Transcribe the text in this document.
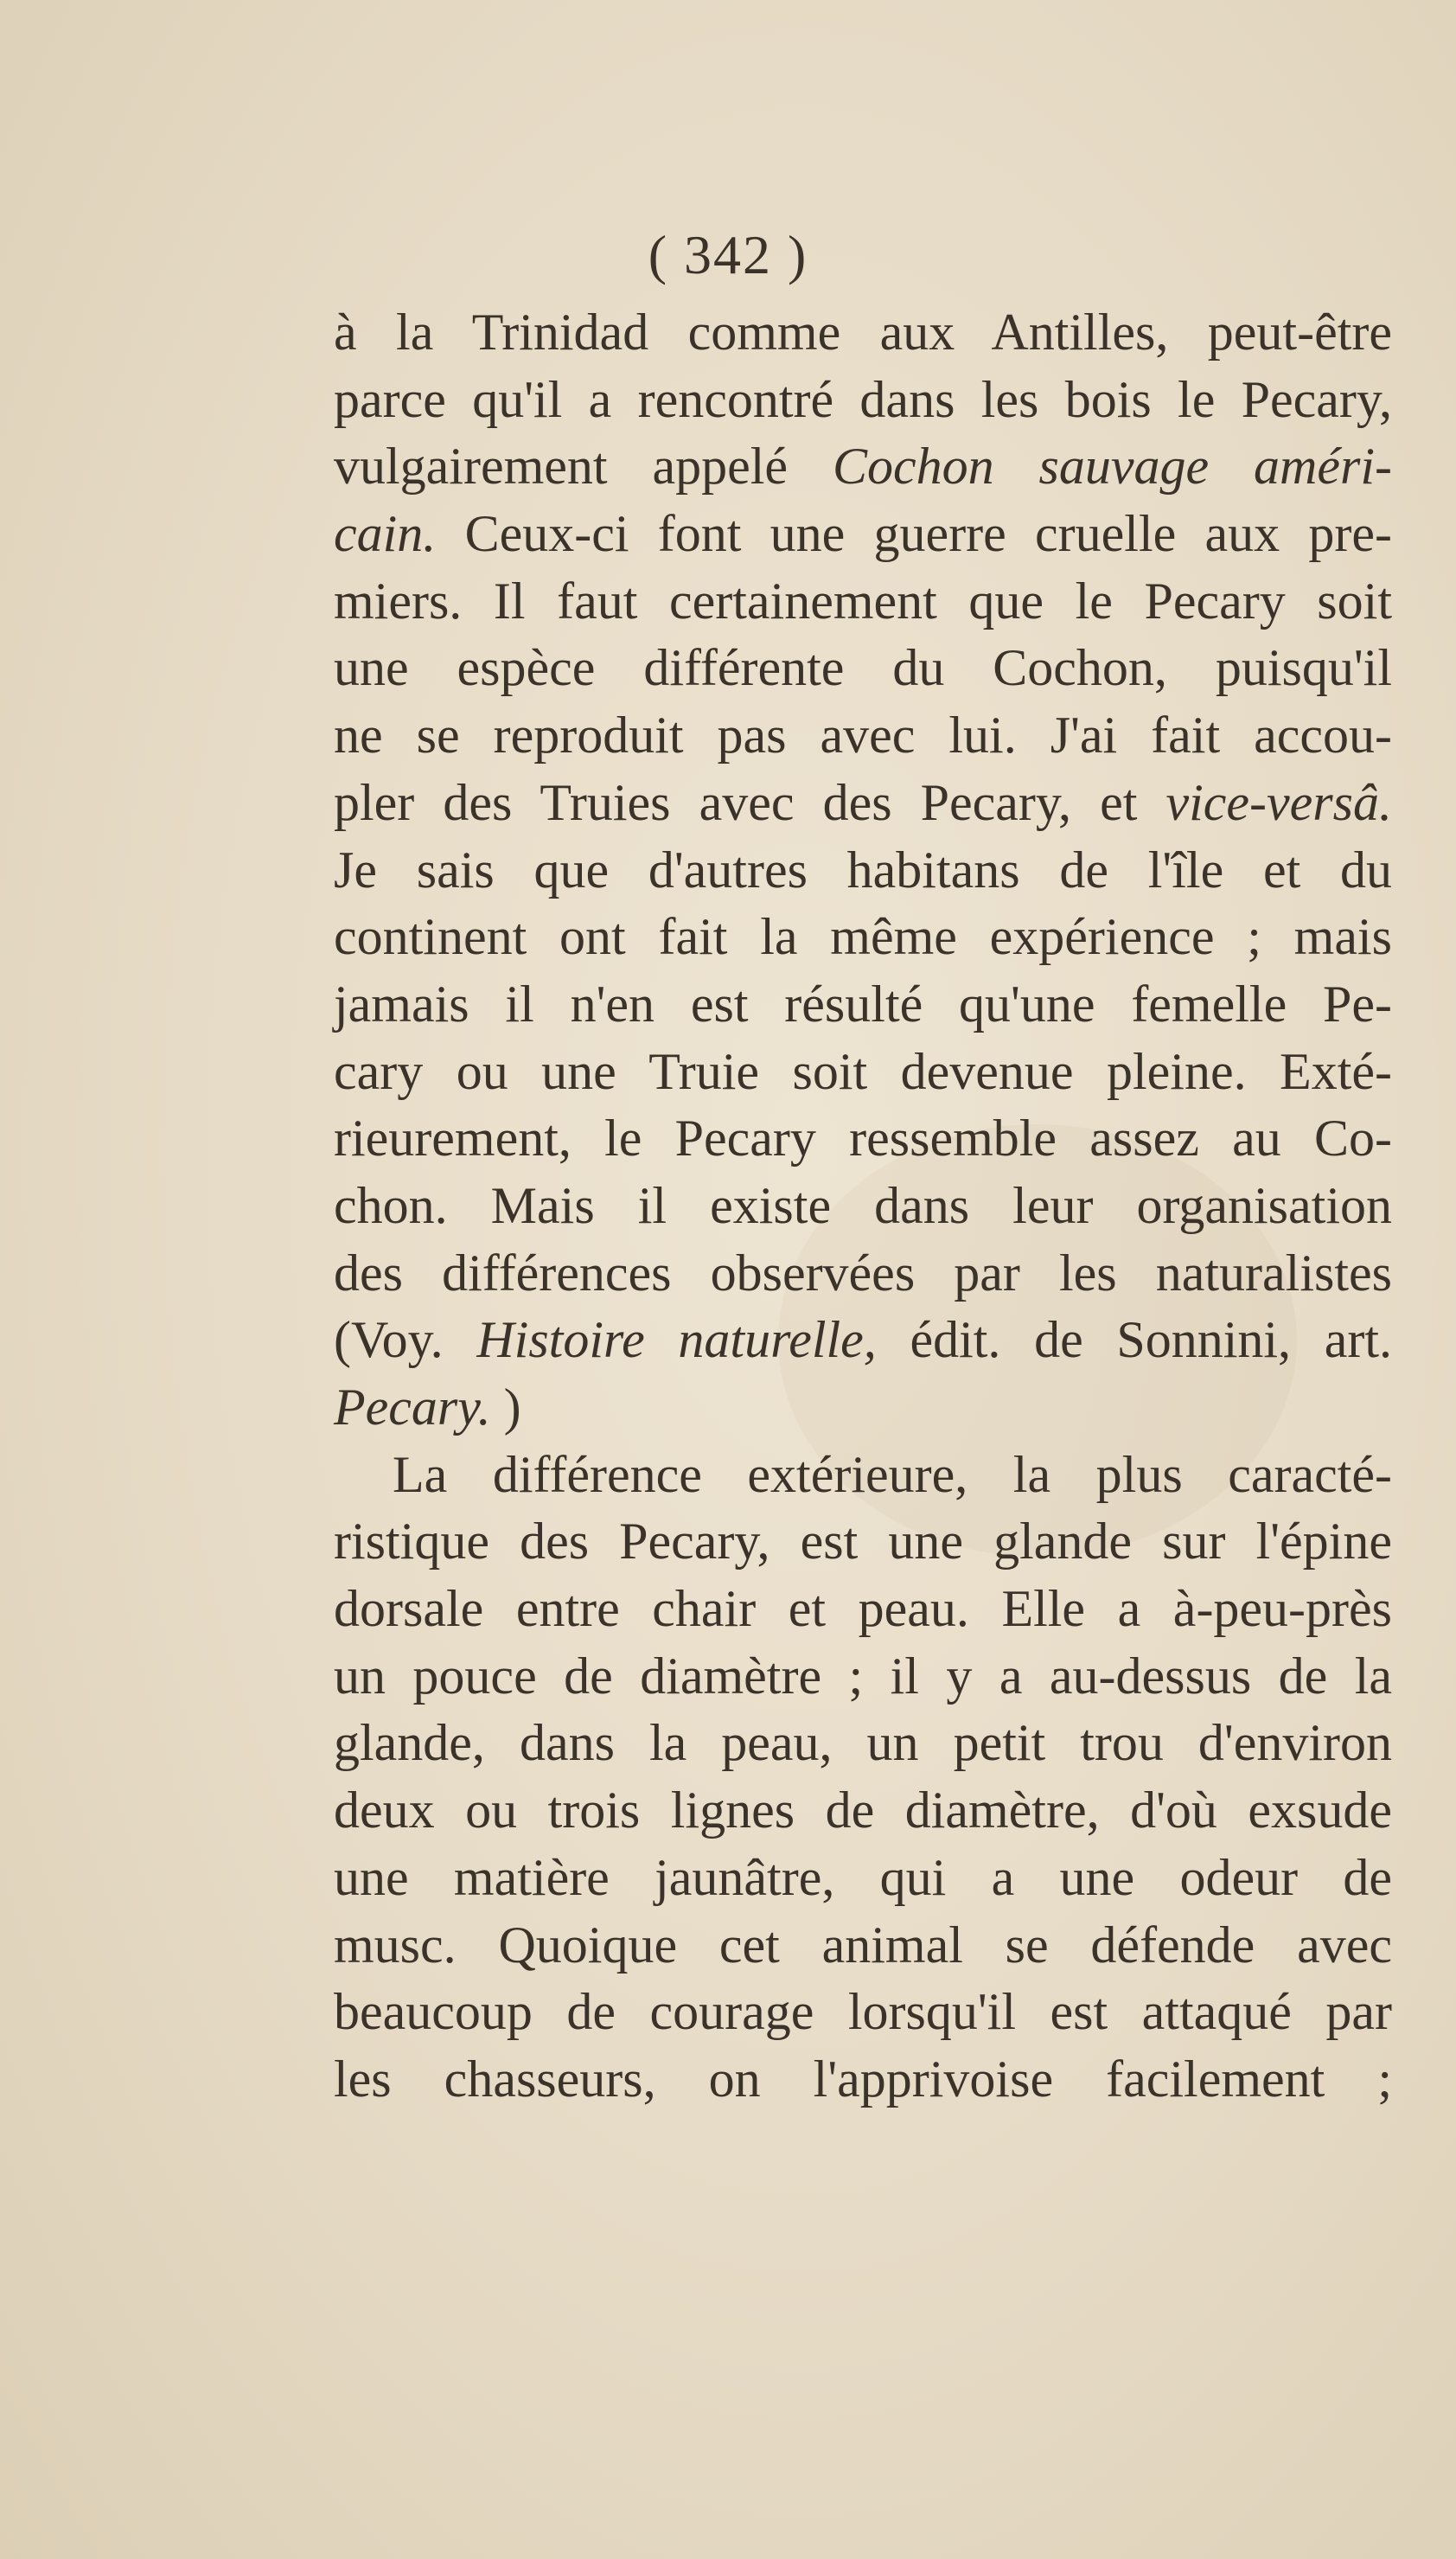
( 342 )
à la Trinidad comme aux Antilles, peut-être
parce qu'il a rencontré dans les bois le Pecary,
vulgairement appelé Cochon sauvage améri-
cain. Ceux-ci font une guerre cruelle aux pre-
miers. Il faut certainement que le Pecary soit
une espèce différente du Cochon, puisqu'il
ne se reproduit pas avec lui. J'ai fait accou-
pler des Truies avec des Pecary, et vice-versâ.
Je sais que d'autres habitans de l'île et du
continent ont fait la même expérience ; mais
jamais il n'en est résulté qu'une femelle Pe-
cary ou une Truie soit devenue pleine. Exté-
rieurement, le Pecary ressemble assez au Co-
chon. Mais il existe dans leur organisation
des différences observées par les naturalistes
(Voy. Histoire naturelle, édit. de Sonnini, art.
Pecary. )
La différence extérieure, la plus caracté-
ristique des Pecary, est une glande sur l'épine
dorsale entre chair et peau. Elle a à-peu-près
un pouce de diamètre ; il y a au-dessus de la
glande, dans la peau, un petit trou d'environ
deux ou trois lignes de diamètre, d'où exsude
une matière jaunâtre, qui a une odeur de
musc. Quoique cet animal se défende avec
beaucoup de courage lorsqu'il est attaqué par
les chasseurs, on l'apprivoise facilement ;
